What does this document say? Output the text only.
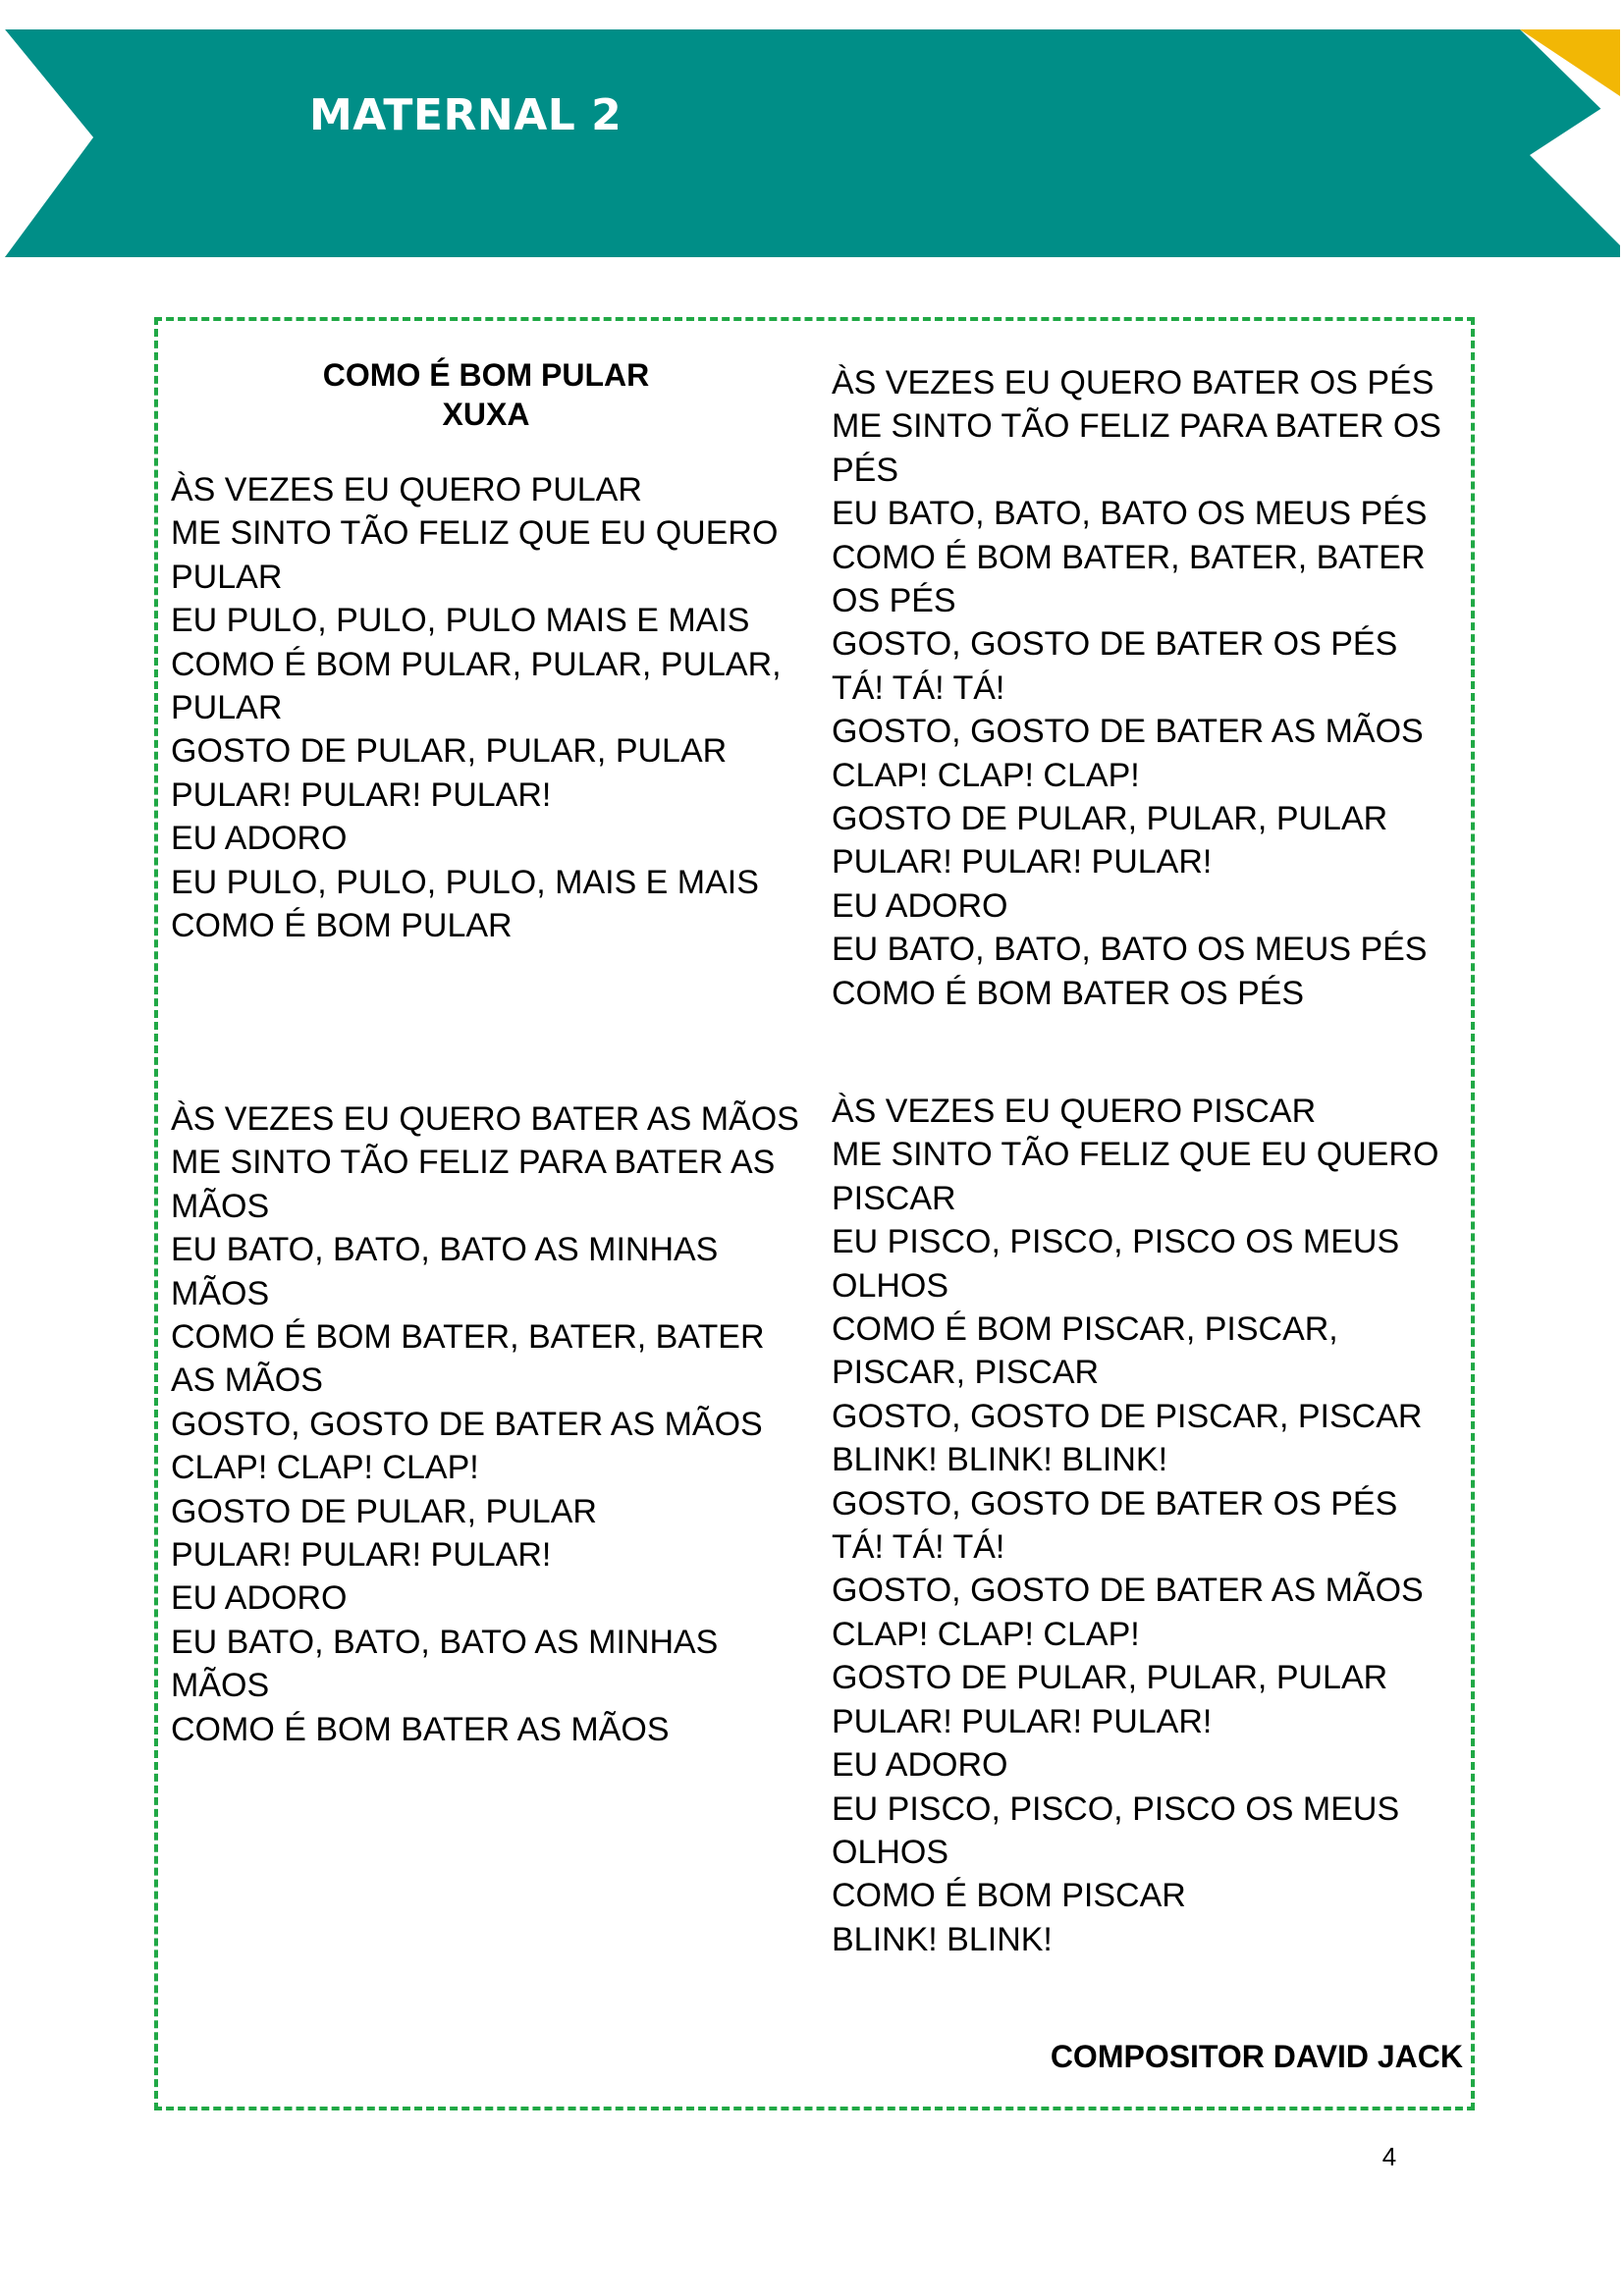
MATERNAL 2
COMO É BOM PULAR
XUXA
ÀS VEZES EU QUERO PULAR
ME SINTO TÃO FELIZ QUE EU QUERO
PULAR
EU PULO, PULO, PULO MAIS E MAIS
COMO É BOM PULAR, PULAR, PULAR,
PULAR
GOSTO DE PULAR, PULAR, PULAR
PULAR! PULAR! PULAR!
EU ADORO
EU PULO, PULO, PULO, MAIS E MAIS
COMO É BOM PULAR
ÀS VEZES EU QUERO BATER OS PÉS
ME SINTO TÃO FELIZ PARA BATER OS
PÉS
EU BATO, BATO, BATO OS MEUS PÉS
COMO É BOM BATER, BATER, BATER
OS PÉS
GOSTO, GOSTO DE BATER OS PÉS
TÁ! TÁ! TÁ!
GOSTO, GOSTO DE BATER AS MÃOS
CLAP! CLAP! CLAP!
GOSTO DE PULAR, PULAR, PULAR
PULAR! PULAR! PULAR!
EU ADORO
EU BATO, BATO, BATO OS MEUS PÉS
COMO É BOM BATER OS PÉS
ÀS VEZES EU QUERO BATER AS MÃOS
ME SINTO TÃO FELIZ PARA BATER AS
MÃOS
EU BATO, BATO, BATO AS MINHAS
MÃOS
COMO É BOM BATER, BATER, BATER
AS MÃOS
GOSTO, GOSTO DE BATER AS MÃOS
CLAP! CLAP! CLAP!
GOSTO DE PULAR, PULAR
PULAR! PULAR! PULAR!
EU ADORO
EU BATO, BATO, BATO AS MINHAS
MÃOS
COMO É BOM BATER AS MÃOS
ÀS VEZES EU QUERO PISCAR
ME SINTO TÃO FELIZ QUE EU QUERO
PISCAR
EU PISCO, PISCO, PISCO OS MEUS
OLHOS
COMO É BOM PISCAR, PISCAR,
PISCAR, PISCAR
GOSTO, GOSTO DE PISCAR, PISCAR
BLINK! BLINK! BLINK!
GOSTO, GOSTO DE BATER OS PÉS
TÁ! TÁ! TÁ!
GOSTO, GOSTO DE BATER AS MÃOS
CLAP! CLAP! CLAP!
GOSTO DE PULAR, PULAR, PULAR
PULAR! PULAR! PULAR!
EU ADORO
EU PISCO, PISCO, PISCO OS MEUS
OLHOS
COMO É BOM PISCAR
BLINK! BLINK!
COMPOSITOR DAVID JACK
4
